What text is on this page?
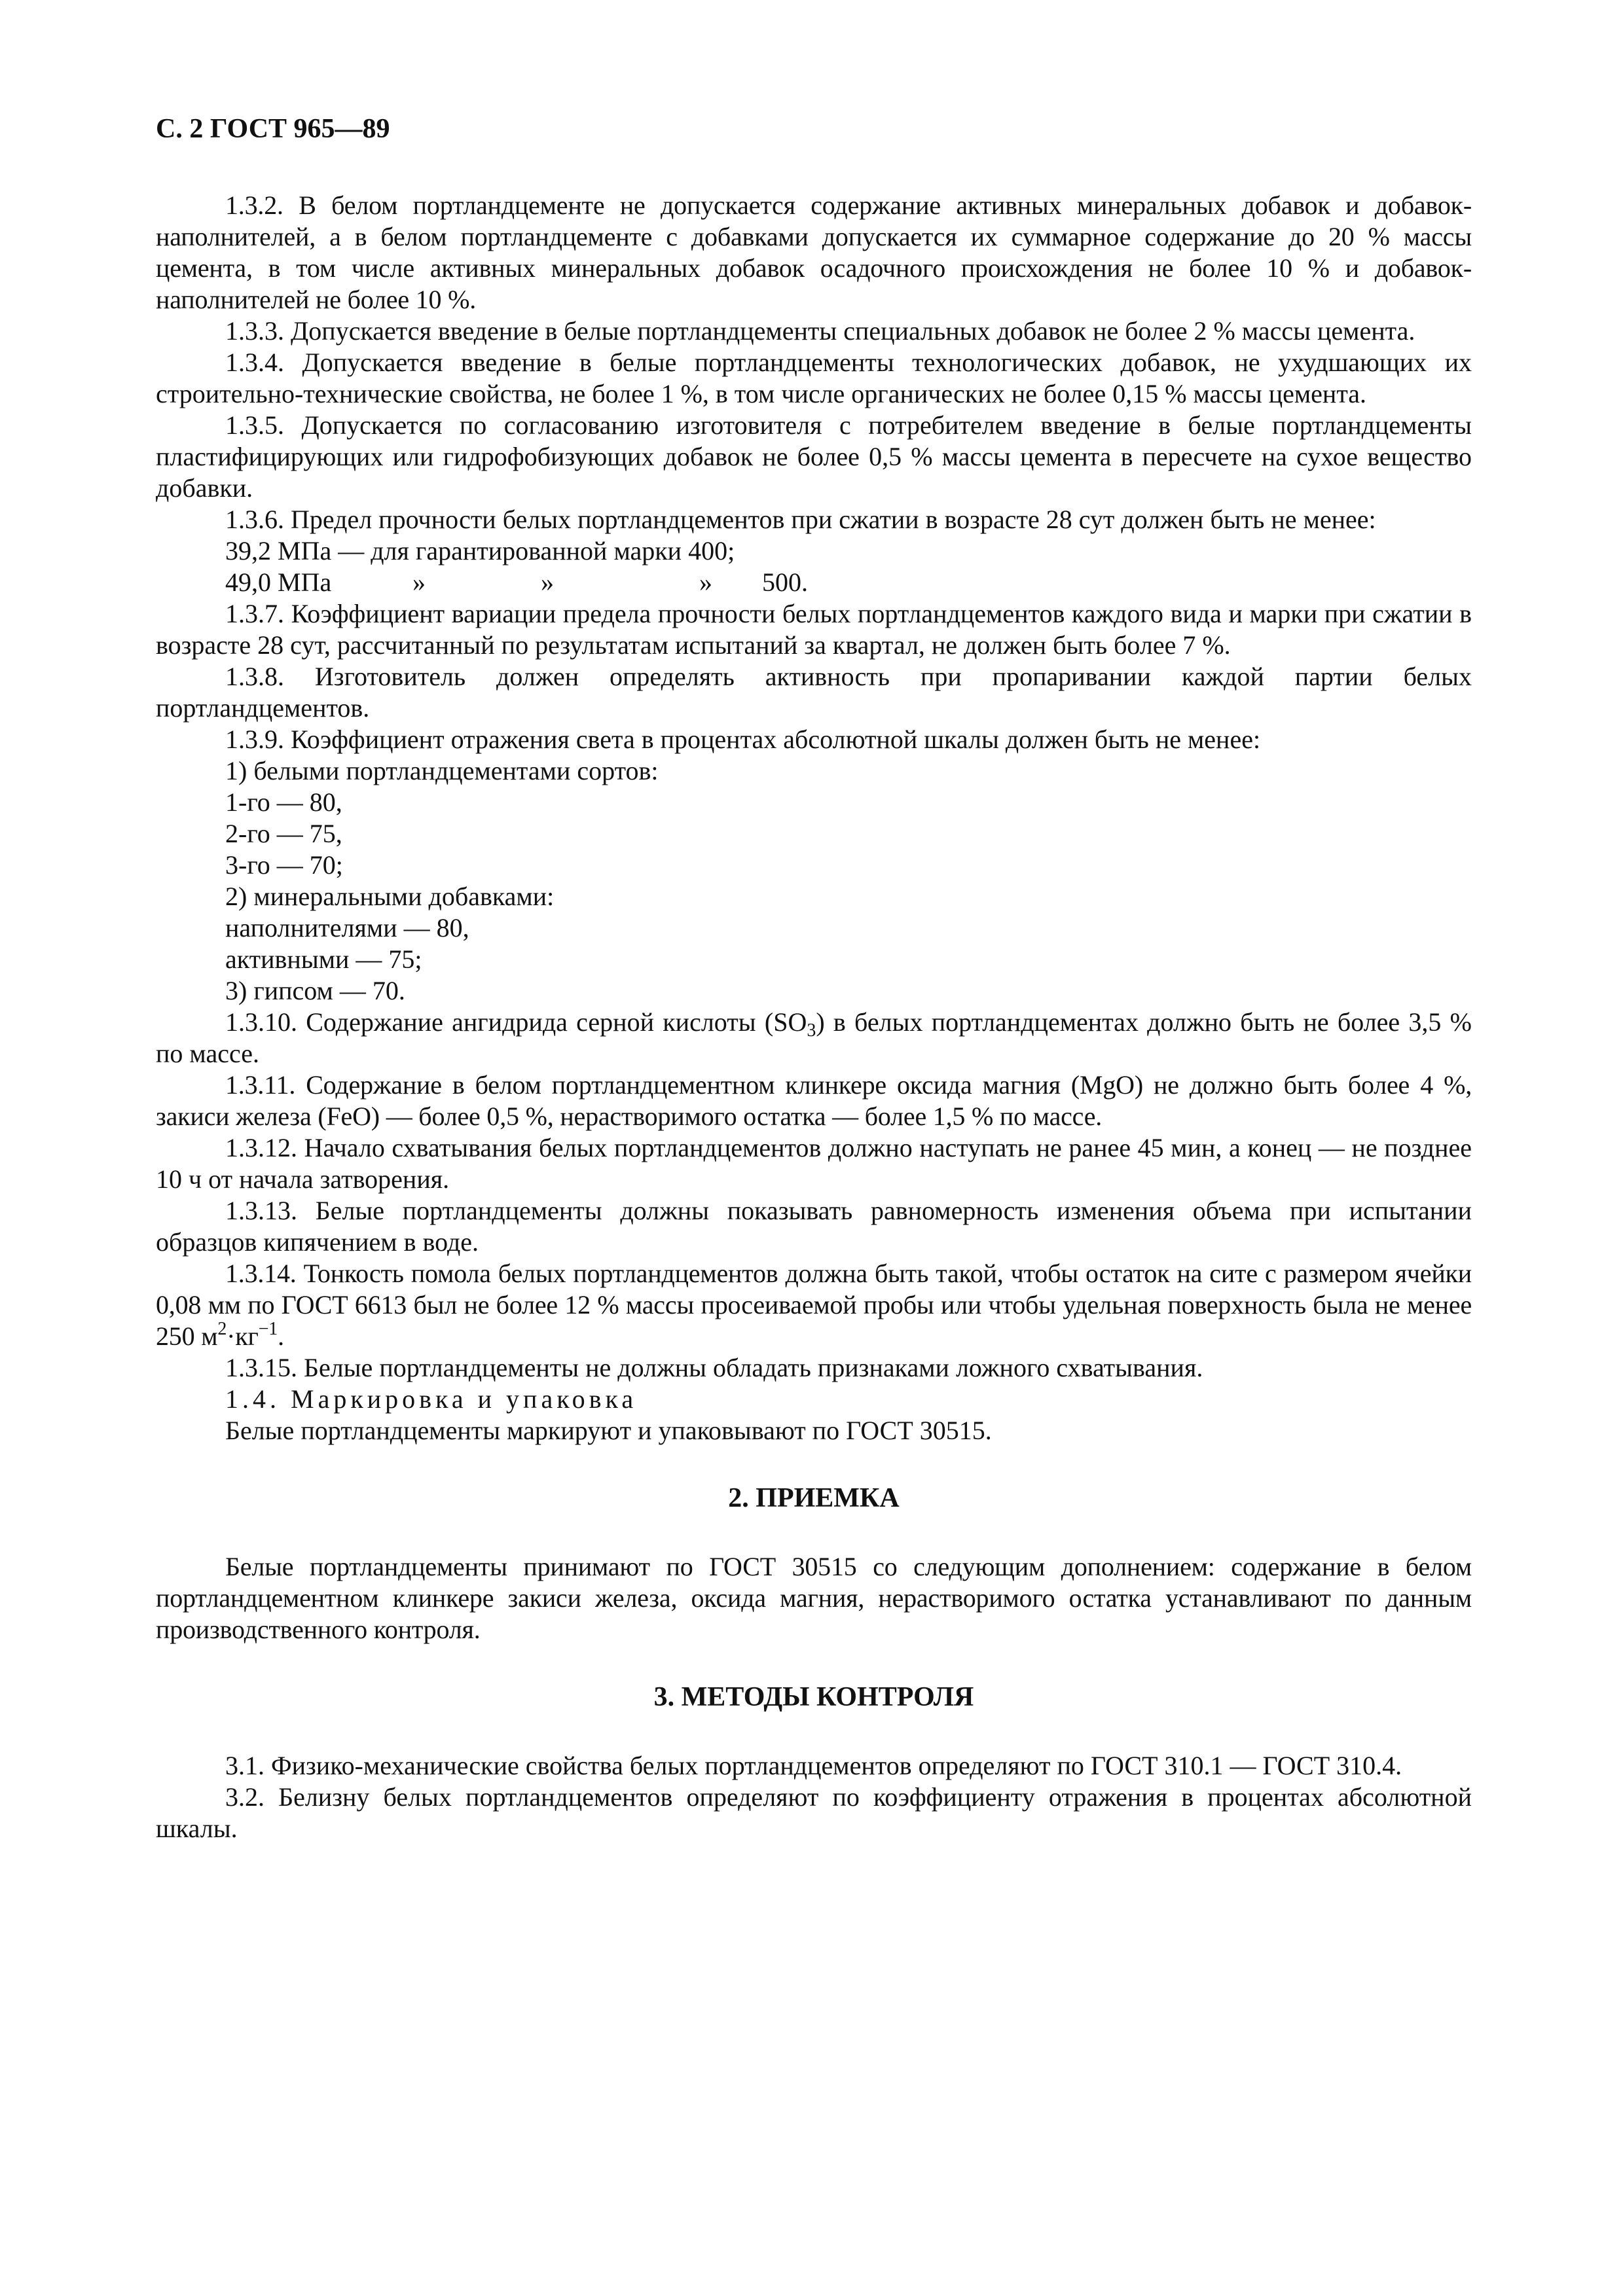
С. 2 ГОСТ 965—89

1.3.2. В белом портландцементе не допускается содержание активных минеральных добавок и добавок-наполнителей, а в белом портландцементе с добавками допускается их суммарное содержание до 20 % массы цемента, в том числе активных минеральных добавок осадочного происхождения не более 10 % и добавок-наполнителей не более 10 %.

1.3.3. Допускается введение в белые портландцементы специальных добавок не более 2 % массы цемента.

1.3.4. Допускается введение в белые портландцементы технологических добавок, не ухудшающих их строительно-технические свойства, не более 1 %, в том числе органических не более 0,15 % массы цемента.

1.3.5. Допускается по согласованию изготовителя с потребителем введение в белые портландцементы пластифицирующих или гидрофобизующих добавок не более 0,5 % массы цемента в пересчете на сухое вещество добавки.

1.3.6. Предел прочности белых портландцементов при сжатии в возрасте 28 сут должен быть не менее:

39,2 МПа — для гарантированной марки 400;

49,0 МПа	»	»	» 500.

1.3.7. Коэффициент вариации предела прочности белых портландцементов каждого вида и марки при сжатии в возрасте 28 сут, рассчитанный по результатам испытаний за квартал, не должен быть более 7 %.

1.3.8. Изготовитель должен определять активность при пропаривании каждой партии белых портландцементов.

1.3.9. Коэффициент отражения света в процентах абсолютной шкалы должен быть не менее:

1) белыми портландцементами сортов:

1-го — 80,

2-го — 75,

3-го — 70;

2) минеральными добавками:

наполнителями — 80,

активными — 75;

3) гипсом — 70.

1.3.10. Содержание ангидрида серной кислоты $(SO_3)$ в белых портландцементах должно быть не более 3,5 % по массе.

1.3.11. Содержание в белом портландцементном клинкере оксида магния (MgO) не должно быть более 4 %, закиси железа (FeO) — более 0,5 %, нерастворимого остатка — более 1,5 % по массе.

1.3.12. Начало схватывания белых портландцементов должно наступать не ранее 45 мин, а конец — не позднее 10 ч от начала затворения.

1.3.13. Белые портландцементы должны показывать равномерность изменения объема при испытании образцов кипячением в воде.

1.3.14. Тонкость помола белых портландцементов должна быть такой, чтобы остаток на сите с размером ячейки 0,08 мм по ГОСТ 6613 был не более 12 % массы просеиваемой пробы или чтобы удельная поверхность была не менее 250 $м^2\cdot кг^{-1}$.

1.3.15. Белые портландцементы не должны обладать признаками ложного схватывания.

1.4. Маркировка и упаковка

Белые портландцементы маркируют и упаковывают по ГОСТ 30515.

2. ПРИЕМКА

Белые портландцементы принимают по ГОСТ 30515 со следующим дополнением: содержание в белом портландцементном клинкере закиси железа, оксида магния, нерастворимого остатка устанавливают по данным производственного контроля.

3. МЕТОДЫ КОНТРОЛЯ

3.1. Физико-механические свойства белых портландцементов определяют по ГОСТ 310.1 — ГОСТ 310.4.

3.2. Белизну белых портландцементов определяют по коэффициенту отражения в процентах абсолютной шкалы.
